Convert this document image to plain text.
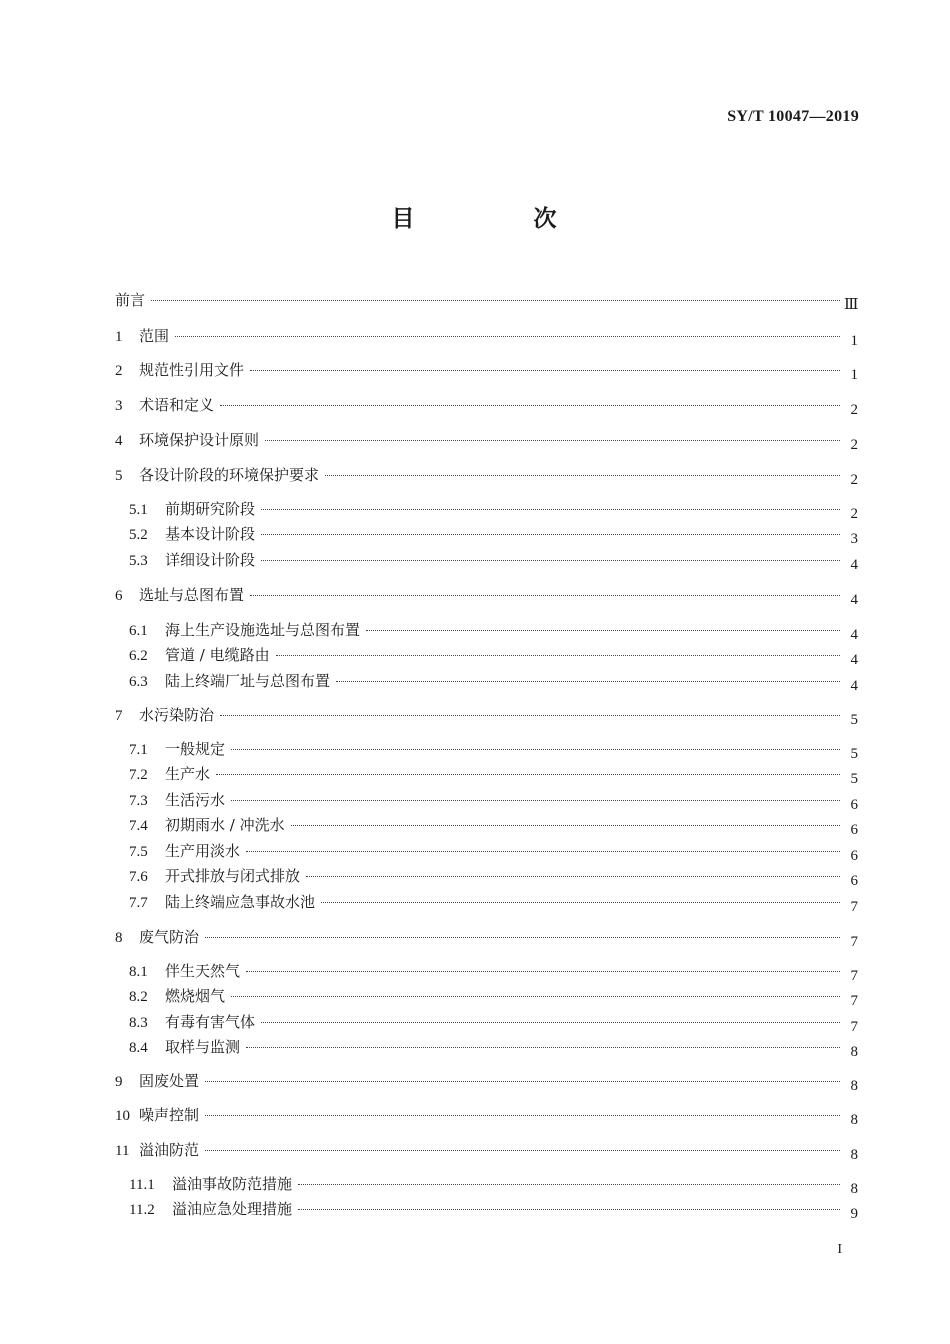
SY/T 10047—2019
目　次
前言	Ⅲ
1	范围	1
2	规范性引用文件	1
3	术语和定义	2
4	环境保护设计原则	2
5	各设计阶段的环境保护要求	2
5.1	前期研究阶段	2
5.2	基本设计阶段	3
5.3	详细设计阶段	4
6	选址与总图布置	4
6.1	海上生产设施选址与总图布置	4
6.2	管道 / 电缆路由	4
6.3	陆上终端厂址与总图布置	4
7	水污染防治	5
7.1	一般规定	5
7.2	生产水	5
7.3	生活污水	6
7.4	初期雨水 / 冲洗水	6
7.5	生产用淡水	6
7.6	开式排放与闭式排放	6
7.7	陆上终端应急事故水池	7
8	废气防治	7
8.1	伴生天然气	7
8.2	燃烧烟气	7
8.3	有毒有害气体	7
8.4	取样与监测	8
9	固废处置	8
10 噪声控制	8
11 溢油防范	8
11.1	溢油事故防范措施	8
11.2	溢油应急处理措施	9
I
